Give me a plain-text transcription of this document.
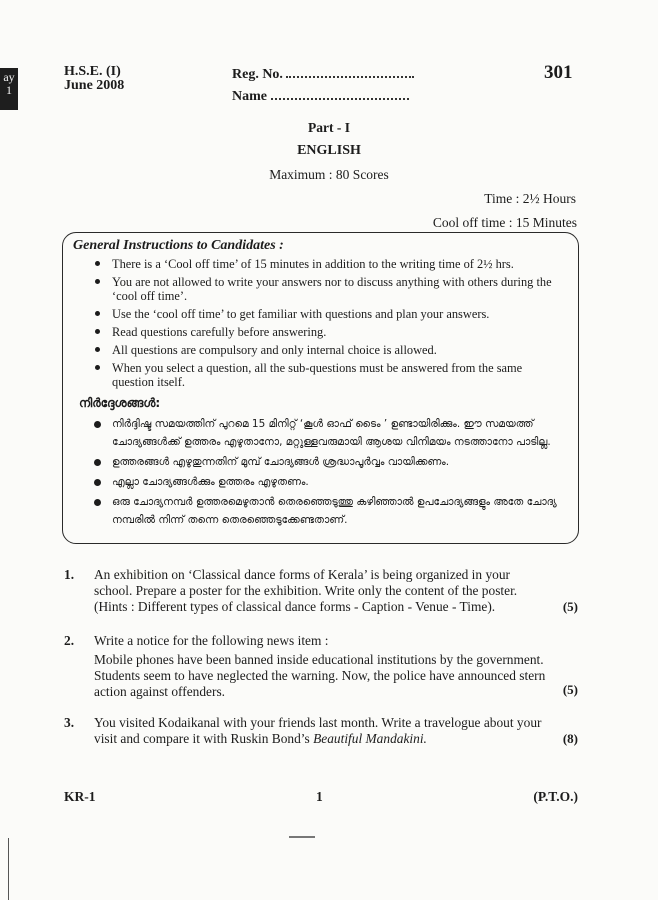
ay
1
H.S.E. (I)
June 2008
Reg. No.
Name
301
Part - I
ENGLISH
Maximum : 80 Scores
Time : 2½ Hours
Cool off time : 15 Minutes
General Instructions to Candidates :
There is a ‘Cool off time’ of 15 minutes in addition to the writing time of 2½ hrs.
You are not allowed to write your answers nor to discuss anything with others during the ‘cool off time’.
Use the ‘cool off time’ to get familiar with questions and plan your answers.
Read questions carefully before answering.
All questions are compulsory and only internal choice is allowed.
When you select a question, all the sub-questions must be answered from the same question itself.
നിർദ്ദേശങ്ങൾ:
നിർദ്ദിഷ്ട സമയത്തിന് പുറമെ 15 മിനിറ്റ് ‘കൂൾ ഓഫ് ടൈം ’ ഉണ്ടായിരിക്കും. ഈ സമയത്ത് ചോദ്യങ്ങൾക്ക് ഉത്തരം എഴുതാനോ, മറ്റുള്ളവരുമായി ആശയ വിനിമയം നടത്താനോ പാടില്ല.
ഉത്തരങ്ങൾ എഴുതുന്നതിന് മുമ്പ് ചോദ്യങ്ങൾ ശ്രദ്ധാപൂർവ്വം വായിക്കണം.
എല്ലാ ചോദ്യങ്ങൾക്കും ഉത്തരം എഴുതണം.
ഒരു ചോദ്യനമ്പർ ഉത്തരമെഴുതാൻ തെരഞ്ഞെടുത്തു കഴിഞ്ഞാൽ ഉപചോദ്യങ്ങളും അതേ ചോദ്യ നമ്പരിൽ നിന്ന് തന്നെ തെരഞ്ഞെടുക്കേണ്ടതാണ്.
1. An exhibition on ‘Classical dance forms of Kerala’ is being organized in your school. Prepare a poster for the exhibition. Write only the content of the poster. (Hints : Different types of classical dance forms - Caption - Venue - Time).	(5)
2. Write a notice for the following news item :
Mobile phones have been banned inside educational institutions by the government. Students seem to have neglected the warning. Now, the police have announced stern action against offenders.	(5)
3. You visited Kodaikanal with your friends last month. Write a travelogue about your visit and compare it with Ruskin Bond’s Beautiful Mandakini.	(8)
KR-1	1	(P.T.O.)
